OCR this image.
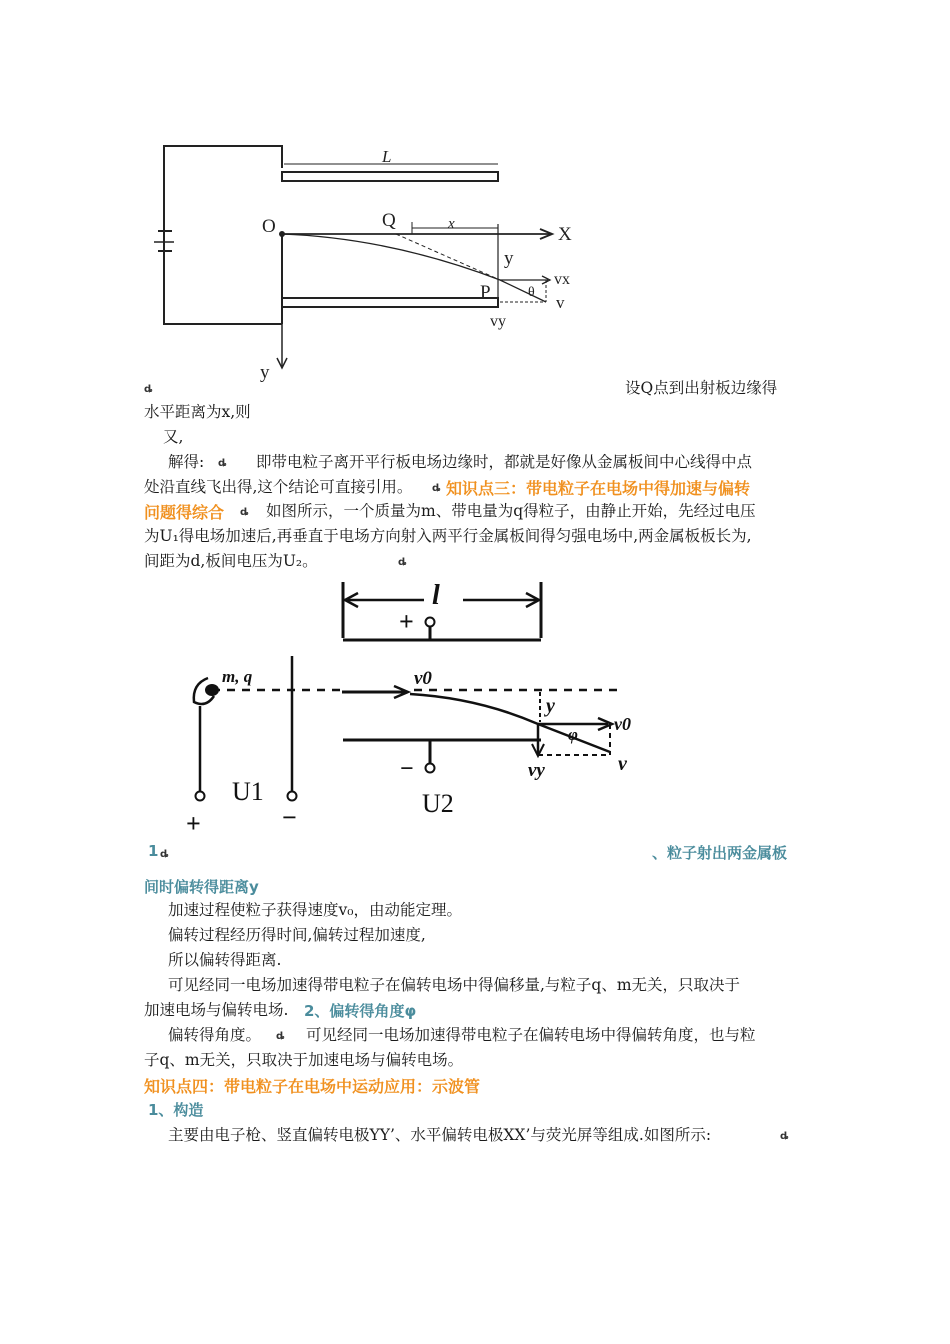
L
O	Q	x	X
y
vx
P	θ
v
vy
y
ȡ	设Q点到出射板边缘得
水平距离为x,则
又,
解得: ȡ 即带电粒子离开平行板电场边缘时，都就是好像从金属板间中心线得中点
处沿直线飞出得,这个结论可直接引用。 ȡ 知识点三：带电粒子在电场中得加速与偏转
问题得综合 ȡ 如图所示，一个质量为m、带电量为q得粒子，由静止开始，先经过电压
为U₁得电场加速后,再垂直于电场方向射入两平行金属板间得匀强电场中,两金属板板长为,
间距为d,板间电压为U₂。	ȡ
l
+
m, q	v0
y
φ
v0
v
vy
−
U1	U2
+	−
1 ȡ	、粒子射出两金属板
间时偏转得距离y
加速过程使粒子获得速度v₀，由动能定理。
偏转过程经历得时间,偏转过程加速度,
所以偏转得距离.
可见经同一电场加速得带电粒子在偏转电场中得偏移量,与粒子q、m无关，只取决于
加速电场与偏转电场. 2、偏转得角度φ
偏转得角度。 ȡ 可见经同一电场加速得带电粒子在偏转电场中得偏转角度，也与粒
子q、m无关，只取决于加速电场与偏转电场。
知识点四：带电粒子在电场中运动应用：示波管
1、构造
主要由电子枪、竖直偏转电极YY’、水平偏转电极XX’与荧光屏等组成.如图所示:	ȡ
